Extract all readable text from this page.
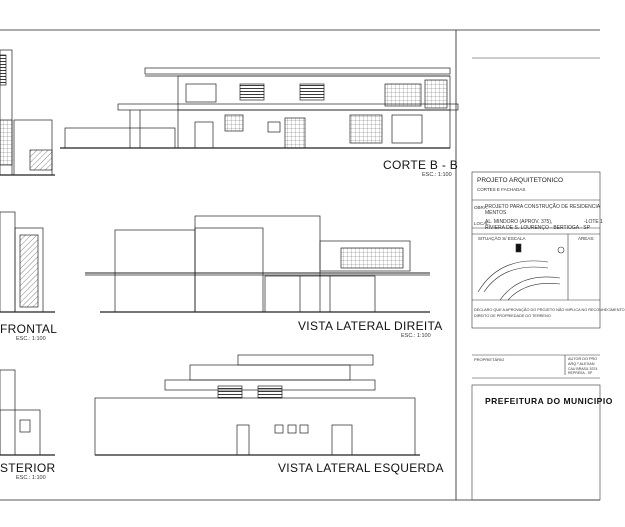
CORTE B - B
ESC.: 1:100
FRONTAL
ESC.: 1:100
VISTA LATERAL DIREITA
ESC.: 1:100
STERIOR
ESC.: 1:100
VISTA LATERAL ESQUERDA
PROJETO ARQUITETONICO
CORTES E FACHADAS
OBRA:
PROJETO PARA CONSTRUÇÃO DE RESIDENCIA
MENTOS
LOCAL:
AL. MINDORO (APROV. 375),	-LOTE 1
RIVIERA DE S. LOURENÇO - BERTIOGA - SP
SITUAÇÃO S/ ESCALA	ÁREAS:
DECLARO QUE A APROVAÇÃO DO PROJETO NÃO IMPLICA NO RECONHECIMENTO
DIREITO DE PROPRIEDADE DO TERRENO
PROPRIETÁRIO	AUTOR DO PRO
ARQ.º ALEXAN
CAU BRASIL 5374
REPRESA - SP
PREFEITURA DO MUNICIPIO
